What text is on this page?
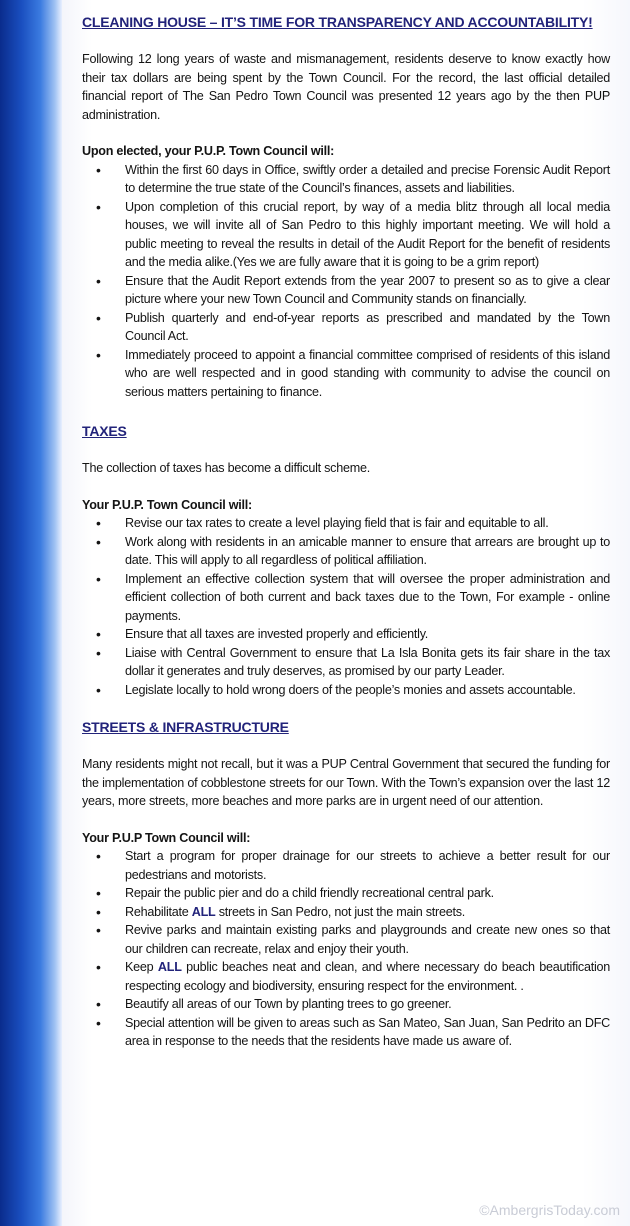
CLEANING HOUSE – IT’S TIME FOR TRANSPARENCY AND ACCOUNTABILITY!

Following 12 long years of waste and mismanagement, residents deserve to know exactly how their tax dollars are being spent by the Town Council. For the record, the last official detailed financial report of The San Pedro Town Council was presented 12 years ago by the then PUP administration.

Upon elected, your P.U.P. Town Council will:

• Within the first 60 days in Office, swiftly order a detailed and precise Forensic Audit Report to determine the true state of the Council’s finances, assets and liabilities.
• Upon completion of this crucial report, by way of a media blitz through all local media houses, we will invite all of San Pedro to this highly important meeting. We will hold a public meeting to reveal the results in detail of the Audit Report for the benefit of residents and the media alike.(Yes we are fully aware that it is going to be a grim report)
• Ensure that the Audit Report extends from the year 2007 to present so as to give a clear picture where your new Town Council and Community stands on financially.
• Publish quarterly and end-of-year reports as prescribed and mandated by the Town Council Act.
• Immediately proceed to appoint a financial committee comprised of residents of this island who are well respected and in good standing with community to advise the council on serious matters pertaining to finance.
TAXES

The collection of taxes has become a difficult scheme.

Your P.U.P. Town Council will:

• Revise our tax rates to create a level playing field that is fair and equitable to all.
• Work along with residents in an amicable manner to ensure that arrears are brought up to date. This will apply to all regardless of political affiliation.
• Implement an effective collection system that will oversee the proper administration and efficient collection of both current and back taxes due to the Town, For example - online payments.
• Ensure that all taxes are invested properly and efficiently.
• Liaise with Central Government to ensure that La Isla Bonita gets its fair share in the tax dollar it generates and truly deserves, as promised by our party Leader.
• Legislate locally to hold wrong doers of the people’s monies and assets accountable.
STREETS & INFRASTRUCTURE

Many residents might not recall, but it was a PUP Central Government that secured the funding for the implementation of cobblestone streets for our Town. With the Town’s expansion over the last 12 years, more streets, more beaches and more parks are in urgent need of our attention.

Your P.U.P Town Council will:

• Start a program for proper drainage for our streets to achieve a better result for our pedestrians and motorists.
• Repair the public pier and do a child friendly recreational central park.
• Rehabilitate ALL streets in San Pedro, not just the main streets.
• Revive parks and maintain existing parks and playgrounds and create new ones so that our children can recreate, relax and enjoy their youth.
• Keep ALL public beaches neat and clean, and where necessary do beach beautification respecting ecology and biodiversity, ensuring respect for the environment. .
• Beautify all areas of our Town by planting trees to go greener.
• Special attention will be given to areas such as San Mateo, San Juan, San Pedrito an DFC area in response to the needs that the residents have made us aware of.
©AmbergrisToday.com
